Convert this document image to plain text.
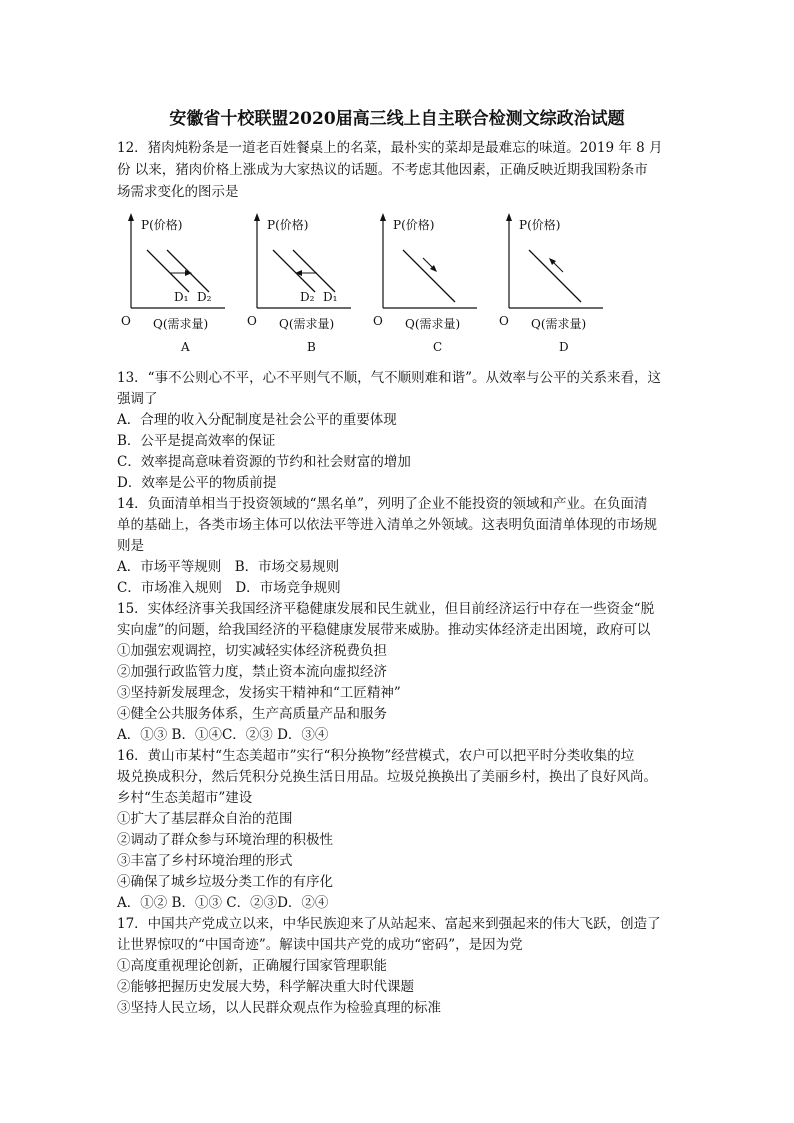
安徽省十校联盟2020届高三线上自主联合检测文综政治试题
12．猪肉炖粉条是一道老百姓餐桌上的名菜，最朴实的菜却是最难忘的味道。2019 年 8 月
份 以来，猪肉价格上涨成为大家热议的话题。不考虑其他因素，正确反映近期我国粉条市
场需求变化的图示是
P(价格)
O Q(需求量)
D₁ D₂
A
P(价格)
O Q(需求量)
D₂ D₁
B
P(价格)
O Q(需求量)
C
P(价格)
O Q(需求量)
D
13．“事不公则心不平，心不平则气不顺，气不顺则难和谐”。从效率与公平的关系来看，这
强调了
A．合理的收入分配制度是社会公平的重要体现
B．公平是提高效率的保证
C．效率提高意味着资源的节约和社会财富的增加
D．效率是公平的物质前提
14．负面清单相当于投资领域的“黑名单”，列明了企业不能投资的领域和产业。在负面清
单的基础上，各类市场主体可以依法平等进入清单之外领域。这表明负面清单体现的市场规
则是
A．市场平等规则　B．市场交易规则
C．市场准入规则　D．市场竞争规则
15．实体经济事关我国经济平稳健康发展和民生就业，但目前经济运行中存在一些资金“脱
实向虚”的问题，给我国经济的平稳健康发展带来威胁。推动实体经济走出困境，政府可以
①加强宏观调控，切实减轻实体经济税费负担
②加强行政监管力度，禁止资本流向虚拟经济
③坚持新发展理念，发扬实干精神和“工匠精神”
④健全公共服务体系，生产高质量产品和服务
A．①③ B．①④C．②③ D．③④
16．黄山市某村“生态美超市”实行“积分换物”经营模式，农户可以把平时分类收集的垃
圾兑换成积分，然后凭积分兑换生活日用品。垃圾兑换换出了美丽乡村，换出了良好风尚。
乡村“生态美超市”建设
①扩大了基层群众自治的范围
②调动了群众参与环境治理的积极性
③丰富了乡村环境治理的形式
④确保了城乡垃圾分类工作的有序化
A．①② B．①③ C．②③D．②④
17．中国共产党成立以来，中华民族迎来了从站起来、富起来到强起来的伟大飞跃，创造了
让世界惊叹的“中国奇迹”。解读中国共产党的成功“密码”，是因为党
①高度重视理论创新，正确履行国家管理职能
②能够把握历史发展大势，科学解决重大时代课题
③坚持人民立场，以人民群众观点作为检验真理的标准
